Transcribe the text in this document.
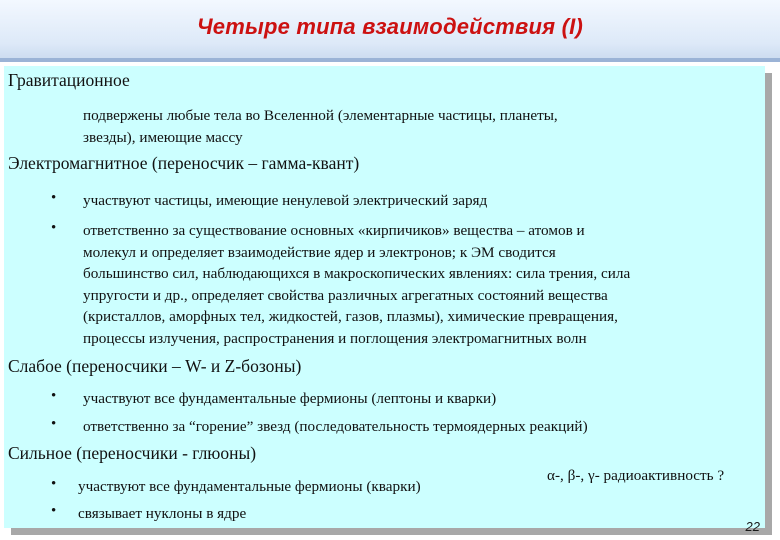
Четыре типа взаимодействия (I)
Гравитационное
подвержены любые тела во Вселенной (элементарные частицы, планеты,
звезды), имеющие массу
Электромагнитное (переносчик – гамма-квант)
• участвуют частицы, имеющие ненулевой электрический заряд
• ответственно за существование основных «кирпичиков» вещества – атомов и
молекул и определяет взаимодействие ядер и электронов; к ЭМ сводится
большинство сил, наблюдающихся в макроскопических явлениях: сила трения, сила
упругости и др., определяет свойства различных агрегатных состояний вещества
(кристаллов, аморфных тел, жидкостей, газов, плазмы), химические превращения,
процессы излучения, распространения и поглощения электромагнитных волн
Слабое (переносчики – W- и Z-бозоны)
• участвуют все фундаментальные фермионы (лептоны и кварки)
• ответственно за “горение” звезд (последовательность термоядерных реакций)
Сильное (переносчики - глюоны)
• участвуют все фундаментальные фермионы (кварки)
α-, β-, γ- радиоактивность ?
• связывает нуклоны в ядре
22
